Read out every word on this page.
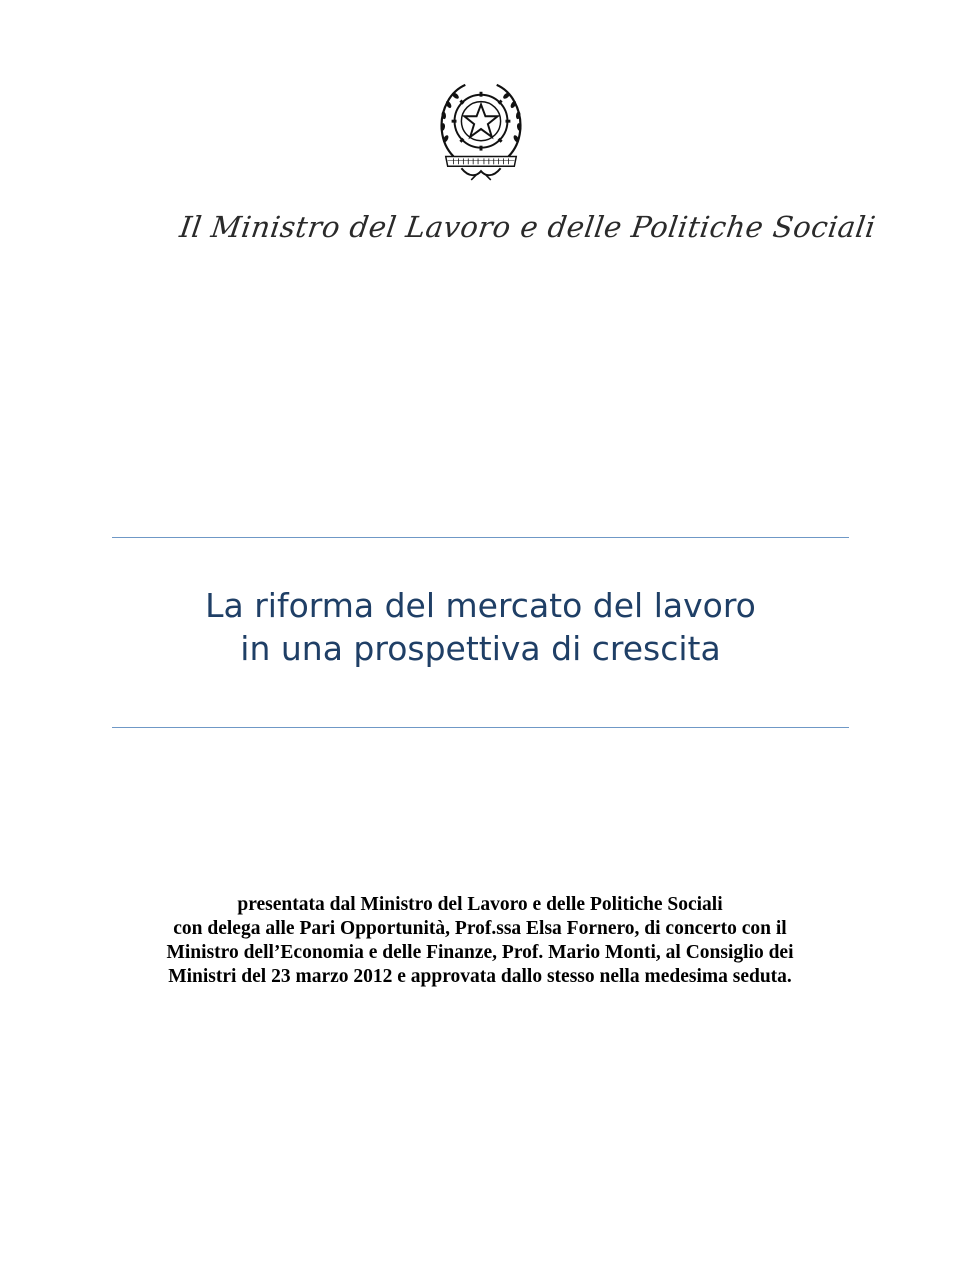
Il Ministro del Lavoro e delle Politiche Sociali
La riforma del mercato del lavoro
in una prospettiva di crescita
presentata dal Ministro del Lavoro e delle Politiche Sociali
con delega alle Pari Opportunità, Prof.ssa Elsa Fornero, di concerto con il
Ministro dell’Economia e delle Finanze, Prof. Mario Monti, al Consiglio dei
Ministri del 23 marzo 2012 e approvata dallo stesso nella medesima seduta.
